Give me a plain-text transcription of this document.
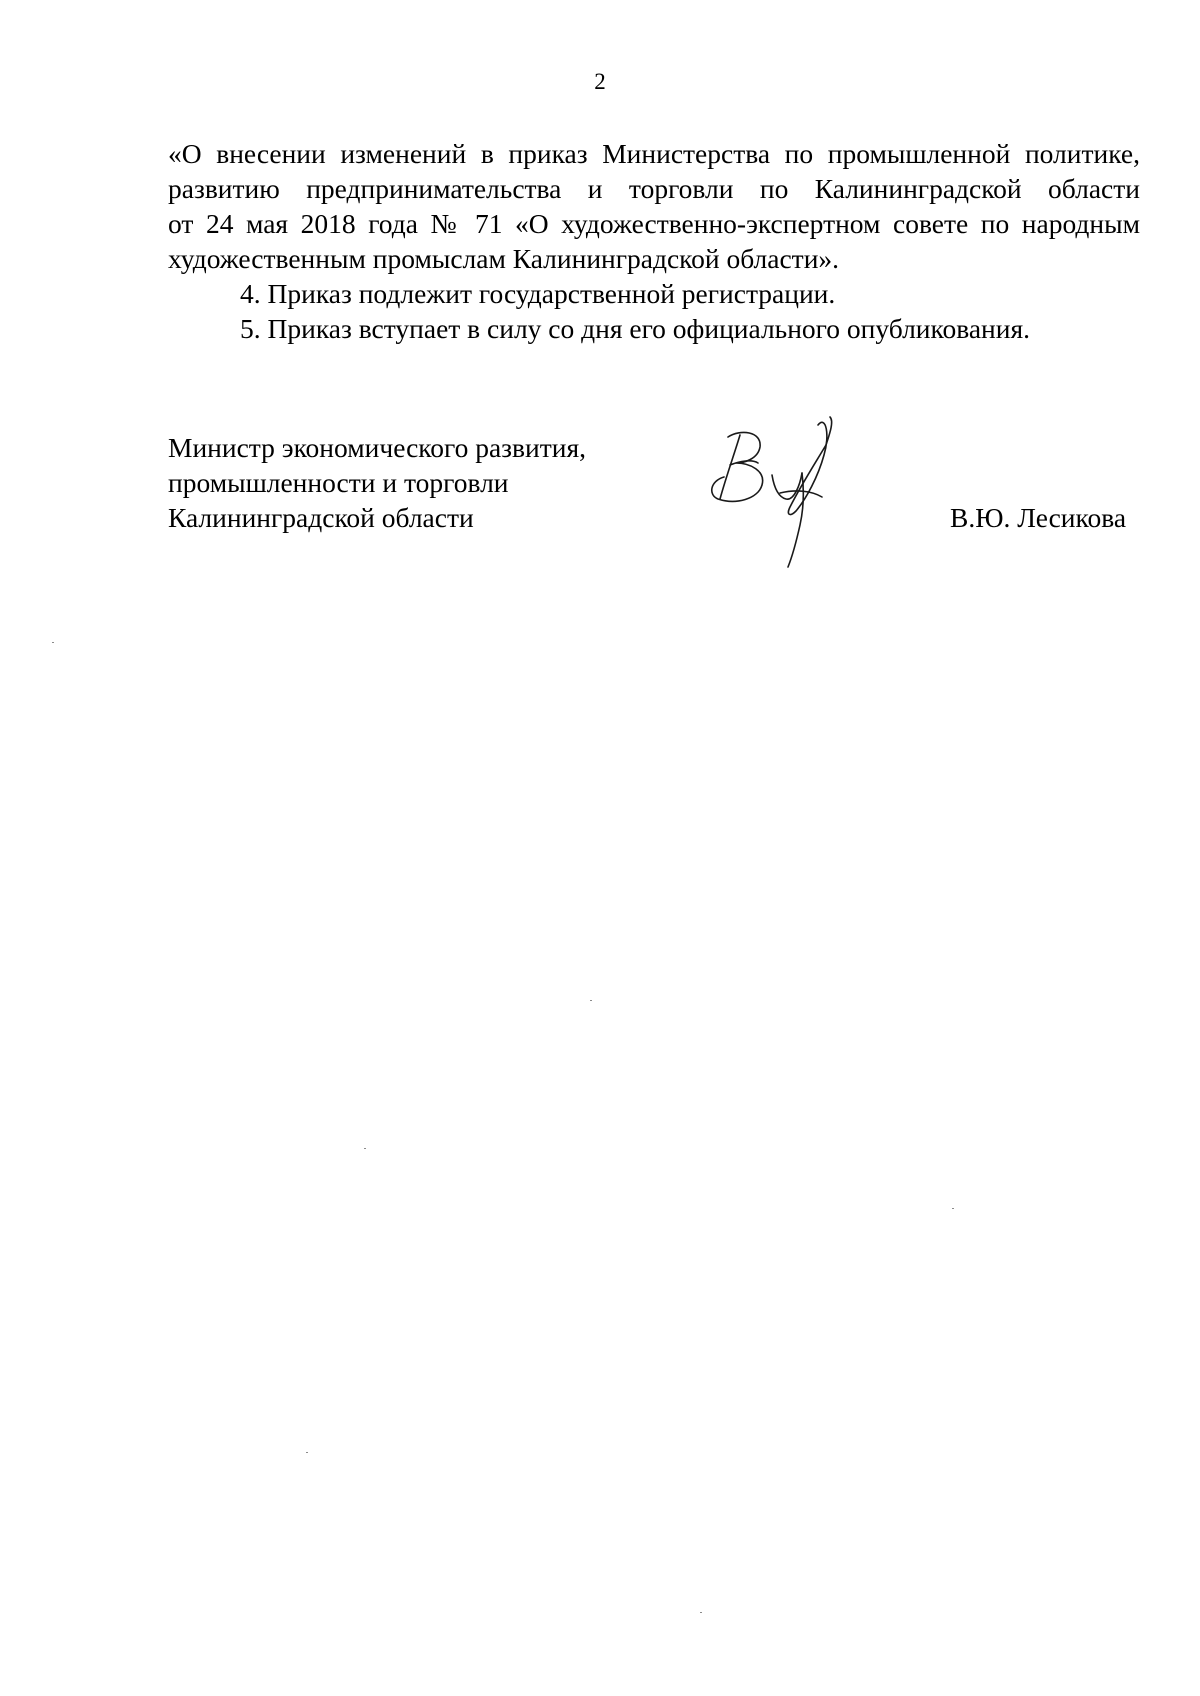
2

«О внесении изменений в приказ Министерства по промышленной политике,
развитию предпринимательства и торговли по Калининградской области
от 24 мая 2018 года № 71 «О художественно-экспертном совете по народным
художественным промыслам Калининградской области».

4. Приказ подлежит государственной регистрации.

5. Приказ вступает в силу со дня его официального опубликования.

Министр экономического развития,
промышленности и торговли
Калининградской области	В.Ю. Лесикова
